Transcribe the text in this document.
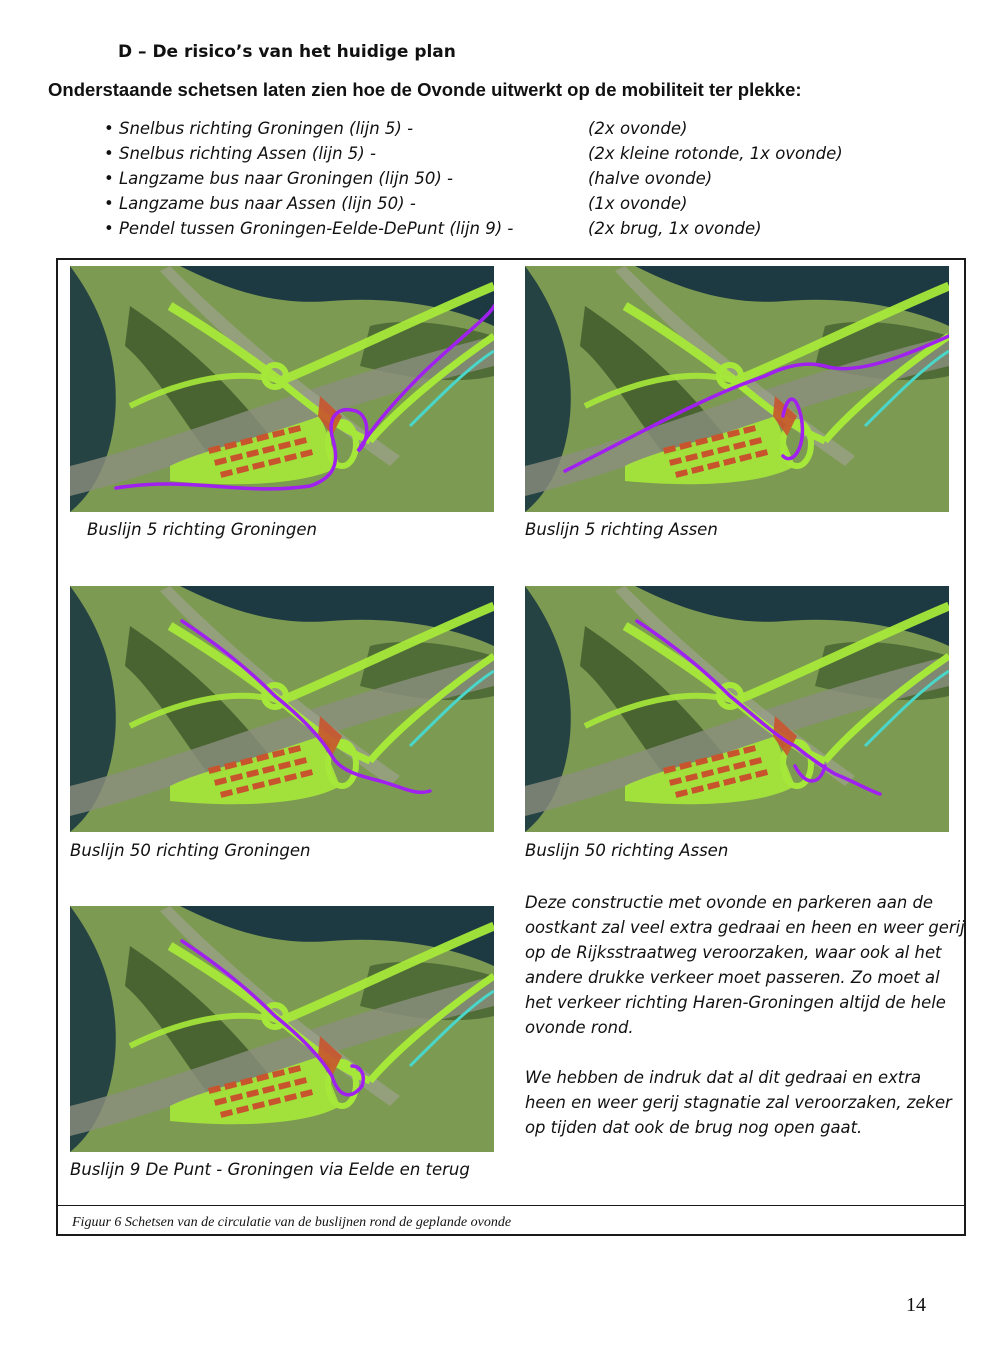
D – De risico’s van het huidige plan

Onderstaande schetsen laten zien hoe de Ovonde uitwerkt op de mobiliteit ter plekke:

• Snelbus richting Groningen (lijn 5) -	(2x ovonde)
• Snelbus richting Assen (lijn 5) -	(2x kleine rotonde, 1x ovonde)
• Langzame bus naar Groningen (lijn 50) -	(halve ovonde)
• Langzame bus naar Assen (lijn 50) -	(1x ovonde)
• Pendel tussen Groningen-Eelde-DePunt (lijn 9) -	(2x brug, 1x ovonde)
Figuur 6 Schetsen van de circulatie van de buslijnen rond de geplande ovonde
Buslijn 5 richting Groningen	Buslijn 5 richting Assen
Buslijn 50 richting Groningen	Buslijn 50 richting Assen
Buslijn 9 De Punt - Groningen via Eelde en terug

Deze constructie met ovonde en parkeren aan de oostkant zal veel extra gedraai en heen en weer gerij op de Rijksstraatweg veroorzaken, waar ook al het andere drukke verkeer moet passeren. Zo moet al het verkeer richting Haren-Groningen altijd de hele ovonde rond.

We hebben de indruk dat al dit gedraai en extra heen en weer gerij stagnatie zal veroorzaken, zeker op tijden dat ook de brug nog open gaat.

14
